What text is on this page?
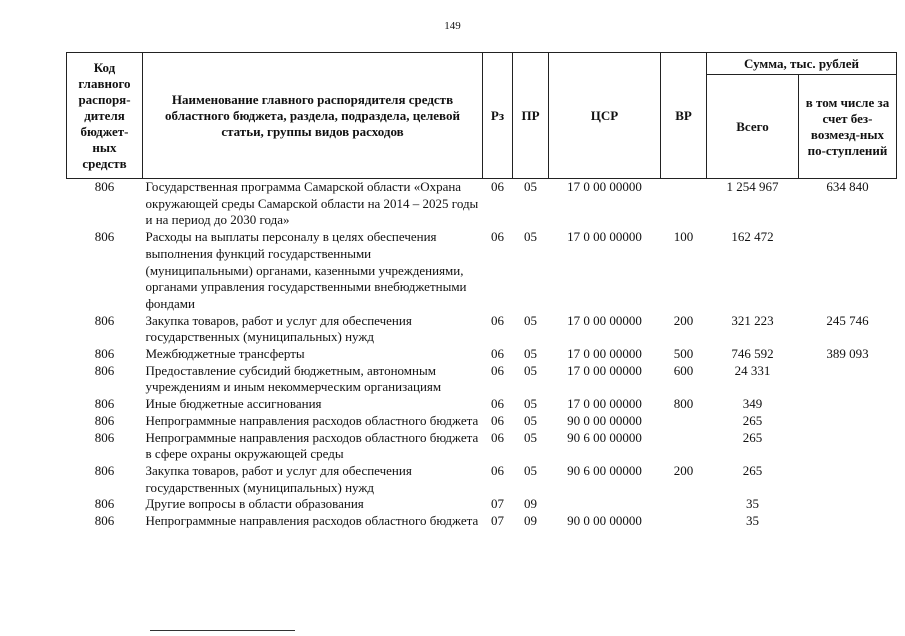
149
Код главного распоря-дителя бюджет-ных средств	Наименование главного распорядителя средств областного бюджета, раздела, подраздела, целевой статьи, группы видов расходов	Рз	ПР	ЦСР	ВР	Сумма, тыс. рублей	
						Всего	в том числе за счет без-возмезд-ных по-ступлений
806	Государственная программа Самарской области «Охрана окружающей среды Самарской области на 2014 – 2025 годы и на период до 2030 года»	06	05	17 0 00 00000		1 254 967	634 840
806	Расходы на выплаты персоналу в целях обеспечения выполнения функций государственными (муниципальными) органами, казенными учреждениями, органами управления государственными внебюджетными фондами	06	05	17 0 00 00000	100	162 472	
806	Закупка товаров, работ и услуг для обеспечения государственных (муниципальных) нужд	06	05	17 0 00 00000	200	321 223	245 746
806	Межбюджетные трансферты	06	05	17 0 00 00000	500	746 592	389 093
806	Предоставление субсидий бюджетным, автономным учреждениям и иным некоммерческим организациям	06	05	17 0 00 00000	600	24 331	
806	Иные бюджетные ассигнования	06	05	17 0 00 00000	800	349	
806	Непрограммные направления расходов областного бюджета	06	05	90 0 00 00000		265	
806	Непрограммные направления расходов областного бюджета в сфере охраны окружающей среды	06	05	90 6 00 00000		265	
806	Закупка товаров, работ и услуг для обеспечения государственных (муниципальных) нужд	06	05	90 6 00 00000	200	265	
806	Другие вопросы в области образования	07	09			35	
806	Непрограммные направления расходов областного бюджета	07	09	90 0 00 00000		35	
